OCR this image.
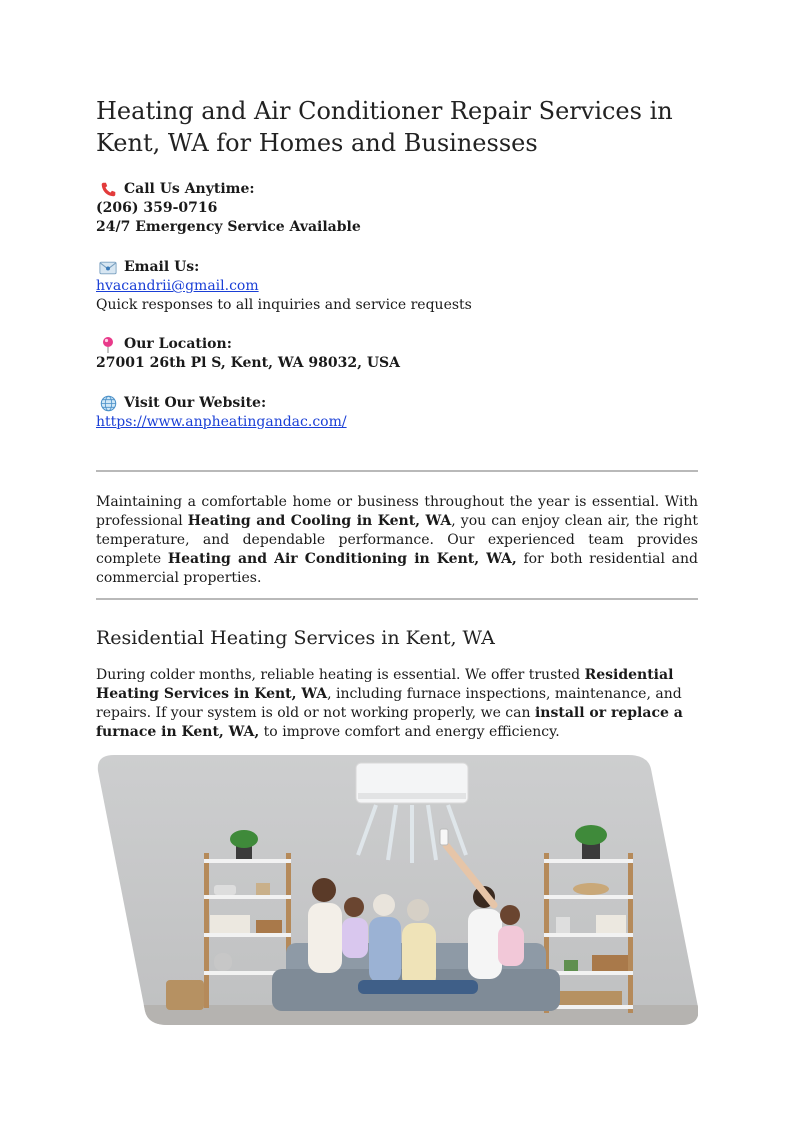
Heating and Air Conditioner Repair Services in Kent, WA for Homes and Businesses
Call Us Anytime:
(206) 359-0716
24/7 Emergency Service Available
Email Us:
hvacandrii@gmail.com
Quick responses to all inquiries and service requests
Our Location:
27001 26th Pl S, Kent, WA 98032, USA
Visit Our Website:
https://www.anpheatingandac.com/
Maintaining a comfortable home or business throughout the year is essential. With professional Heating and Cooling in Kent, WA, you can enjoy clean air, the right temperature, and dependable performance. Our experienced team provides complete Heating and Air Conditioning in Kent, WA, for both residential and commercial properties.
Residential Heating Services in Kent, WA
During colder months, reliable heating is essential. We offer trusted Residential Heating Services in Kent, WA, including furnace inspections, maintenance, and repairs. If your system is old or not working properly, we can install or replace a furnace in Kent, WA, to improve comfort and energy efficiency.
